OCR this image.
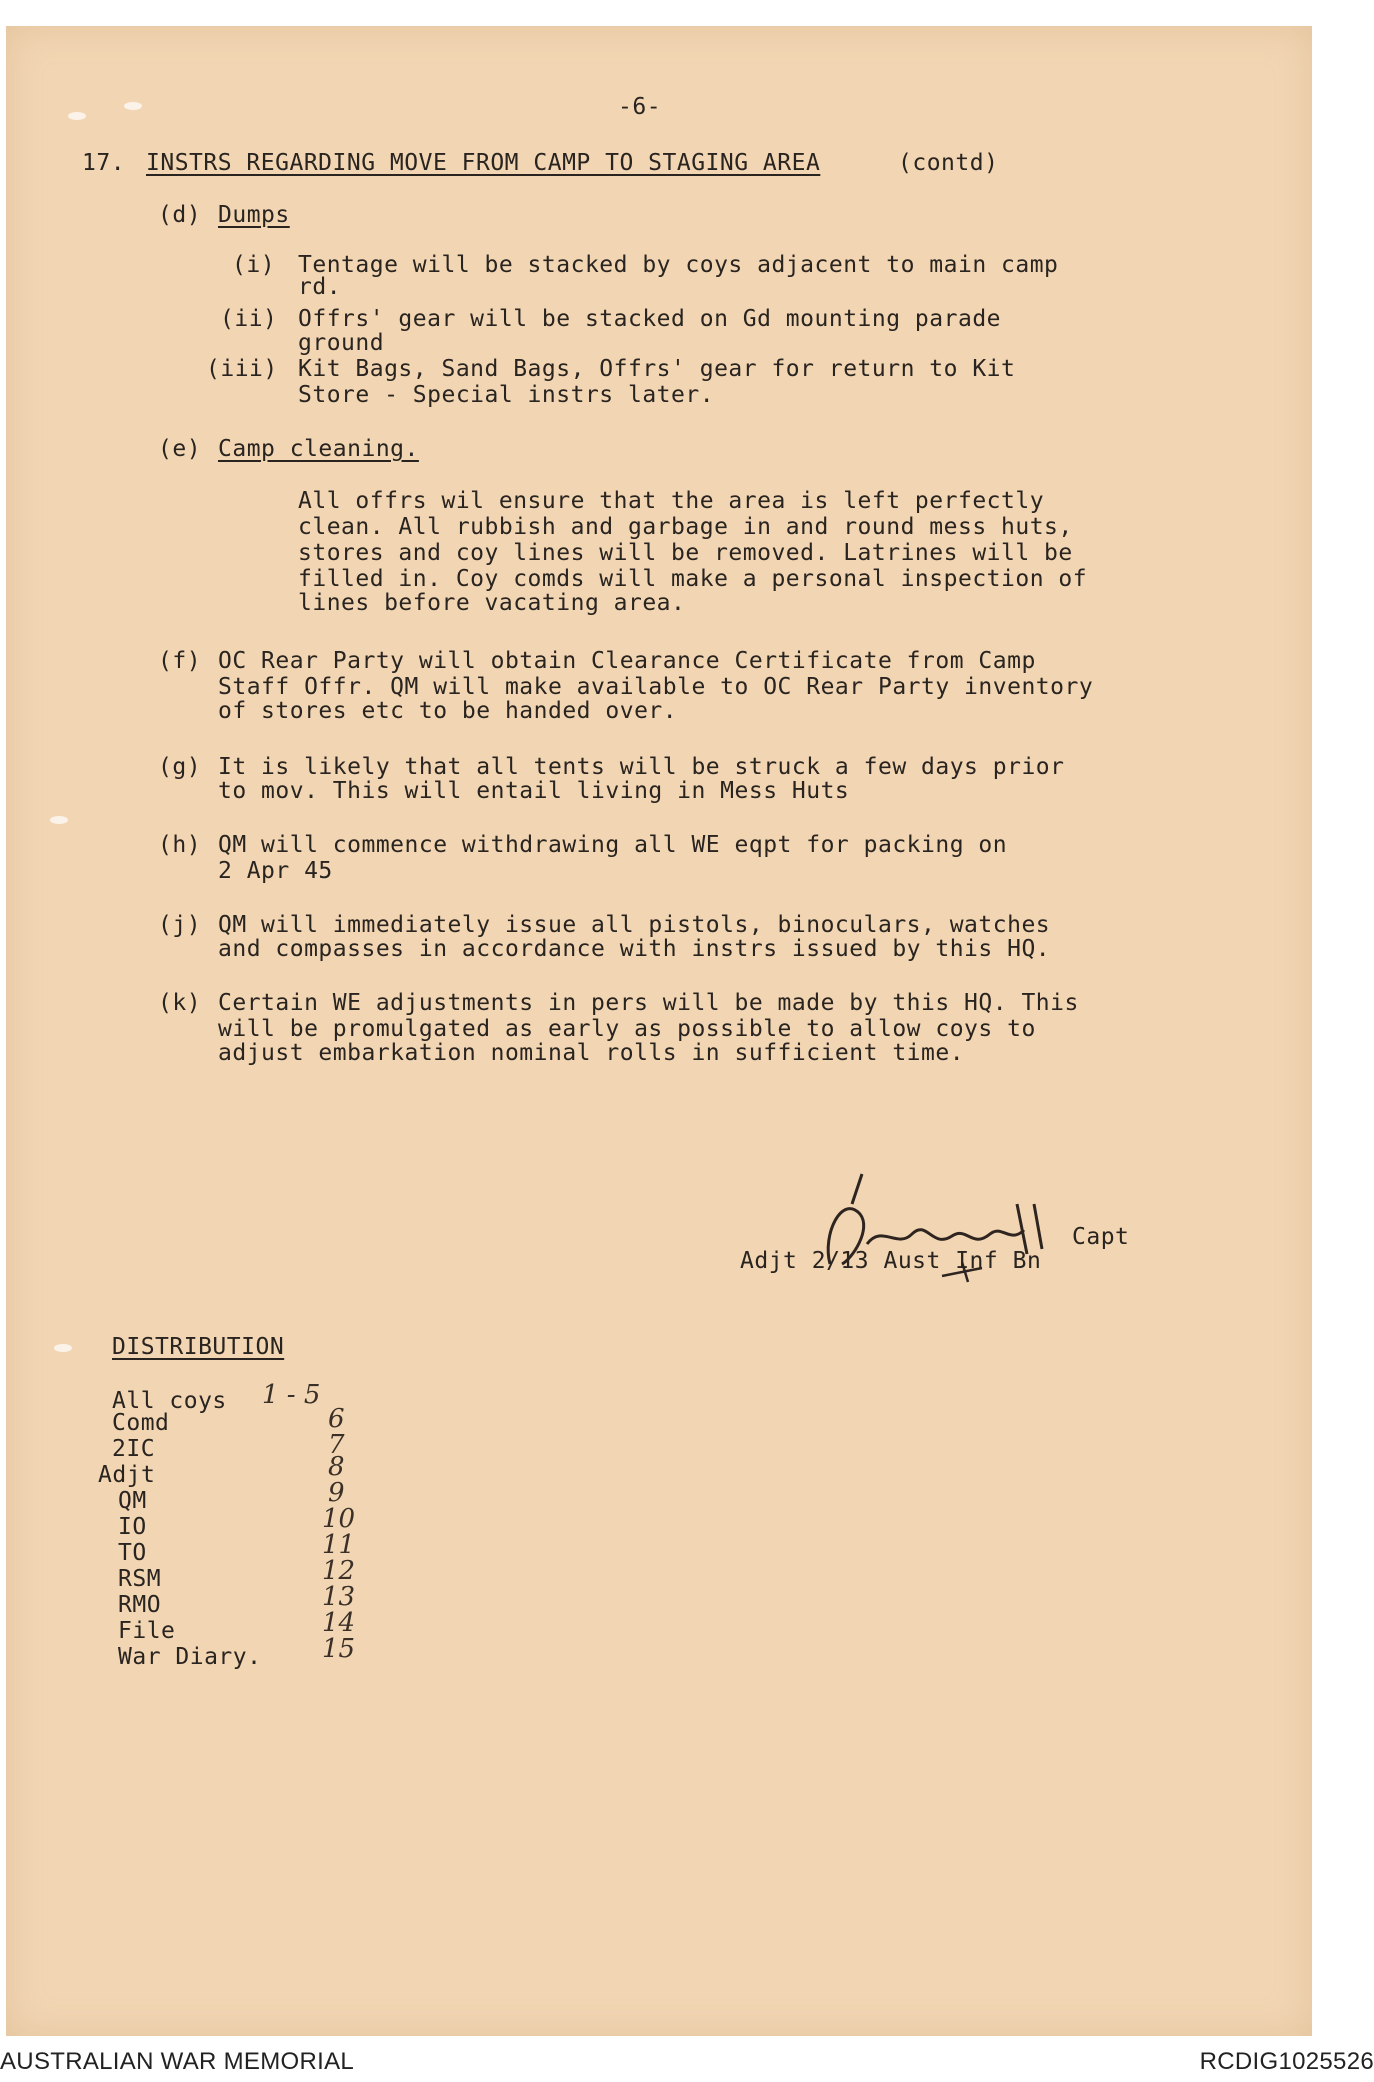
-6-
17. INSTRS REGARDING MOVE FROM CAMP TO STAGING AREA	(contd)
(d) Dumps
(i) Tentage will be stacked by coys adjacent to main camp
rd.
(ii) Offrs' gear will be stacked on Gd mounting parade
ground
(iii) Kit Bags, Sand Bags, Offrs' gear for return to Kit
Store - Special instrs later.
(e) Camp cleaning.
All offrs wil ensure that the area is left perfectly
clean. All rubbish and garbage in and round mess huts,
stores and coy lines will be removed. Latrines will be
filled in. Coy comds will make a personal inspection of
lines before vacating area.
(f) OC Rear Party will obtain Clearance Certificate from Camp
Staff Offr. QM will make available to OC Rear Party inventory
of stores etc to be handed over.
(g) It is likely that all tents will be struck a few days prior
to mov. This will entail living in Mess Huts
(h) QM will commence withdrawing all WE eqpt for packing on
2 Apr 45
(j) QM will immediately issue all pistols, binoculars, watches
and compasses in accordance with instrs issued by this HQ.
(k) Certain WE adjustments in pers will be made by this HQ. This
will be promulgated as early as possible to allow coys to
adjust embarkation nominal rolls in sufficient time.
Capt
Adjt 2/13 Aust Inf Bn
DISTRIBUTION
All coys 1 - 5
Comd	6
2IC	7
Adjt	8
QM	9
IO	10
TO	11
RSM	12
RMO	13
File	14
War Diary. 15
AUSTRALIAN WAR MEMORIAL	RCDIG1025526
